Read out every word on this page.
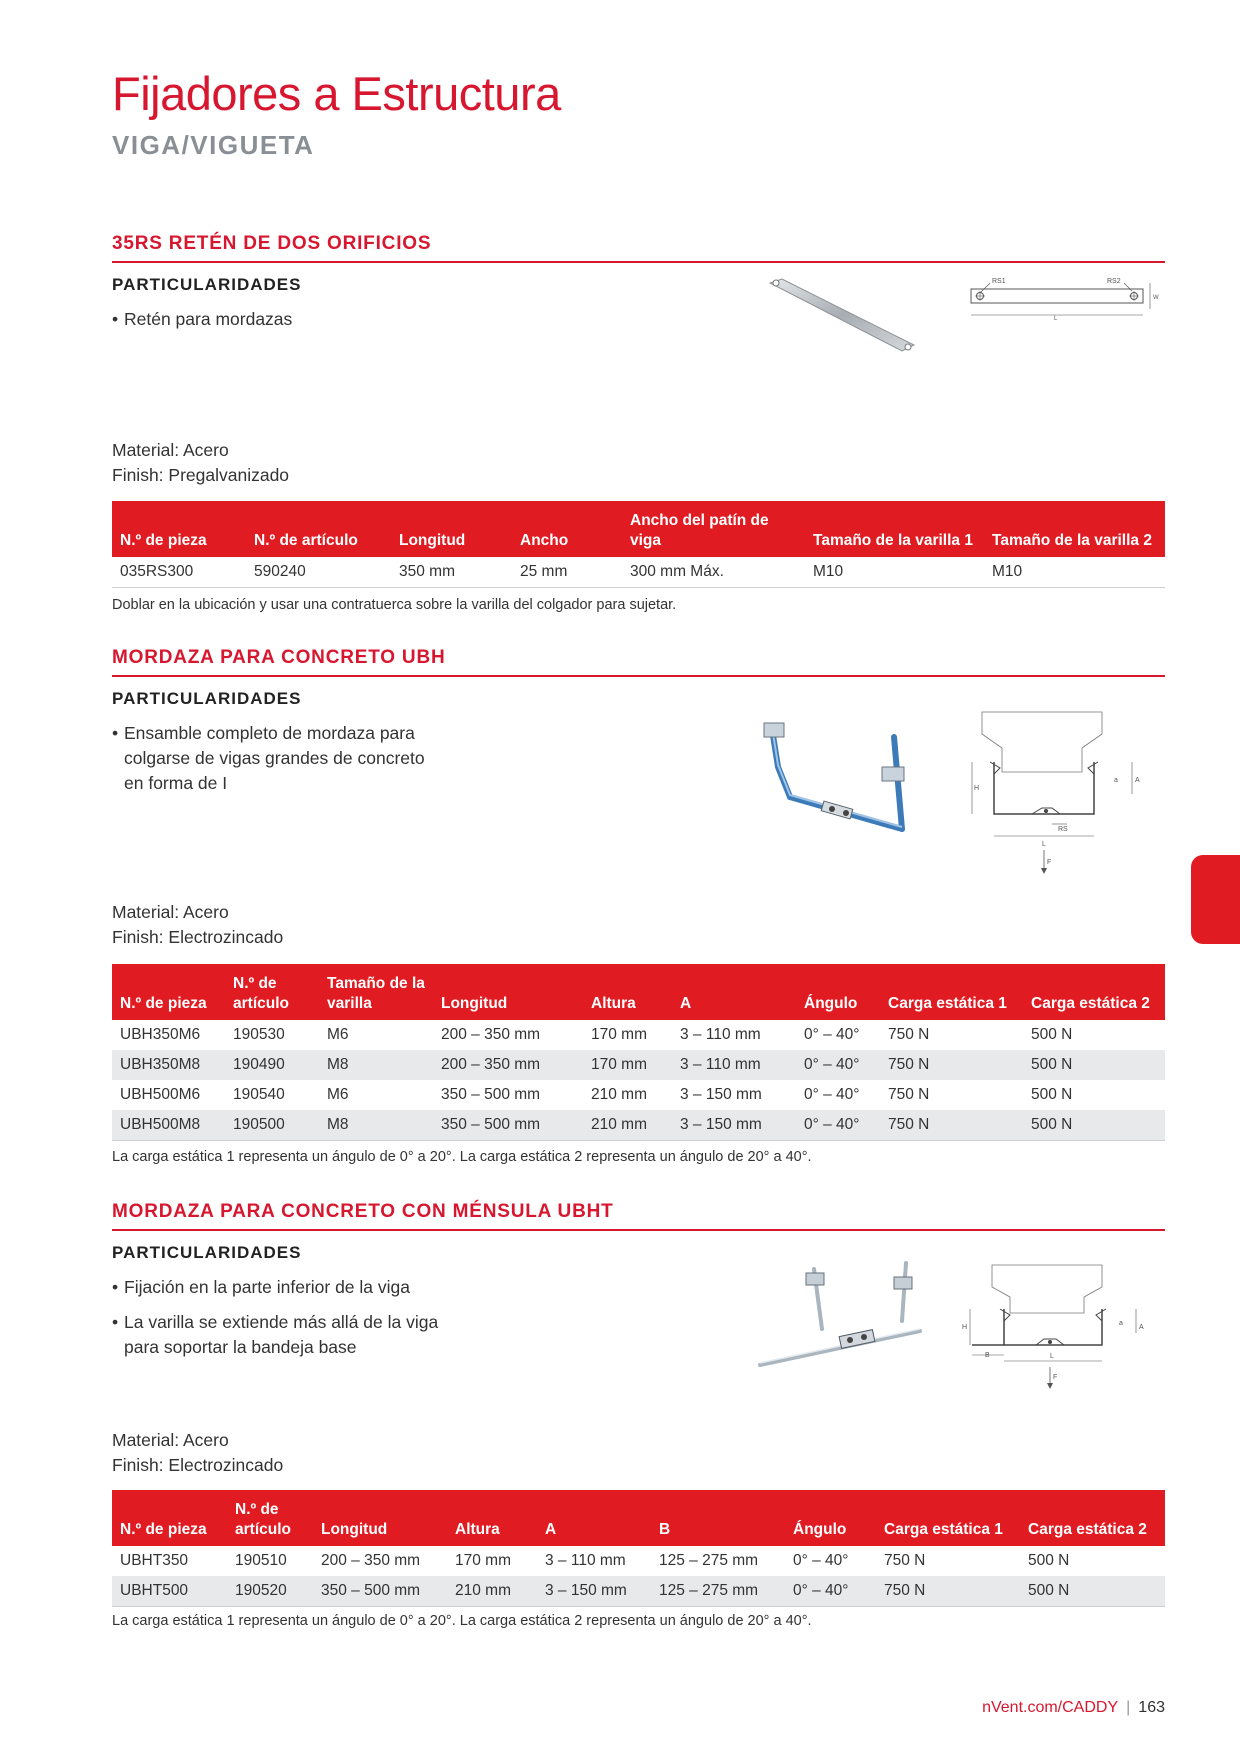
Fijadores a Estructura
VIGA/VIGUETA
35RS RETÉN DE DOS ORIFICIOS
PARTICULARIDADES
• Retén para mordazas
RS1	RS2
W
L
Material: Acero
Finish: Pregalvanizado
N.º de pieza	N.º de artículo	Longitud	Ancho	Ancho del patín de viga	Tamaño de la varilla 1	Tamaño de la varilla 2
035RS300	590240	350 mm	25 mm	300 mm Máx.	M10	M10
Doblar en la ubicación y usar una contratuerca sobre la varilla del colgador para sujetar.
MORDAZA PARA CONCRETO UBH
PARTICULARIDADES
• Ensamble completo de mordaza para colgarse de vigas grandes de concreto en forma de I	H
a A
RS
L
F
Material: Acero
Finish: Electrozincado
N.º de pieza	N.º de artículo	Tamaño de la varilla	Longitud	Altura	A	Ángulo	Carga estática 1	Carga estática 2
UBH350M6	190530	M6	200 – 350 mm	170 mm	3 – 110 mm	0° – 40°	750 N	500 N
UBH350M8	190490	M8	200 – 350 mm	170 mm	3 – 110 mm	0° – 40°	750 N	500 N
UBH500M6	190540	M6	350 – 500 mm	210 mm	3 – 150 mm	0° – 40°	750 N	500 N
UBH500M8	190500	M8	350 – 500 mm	210 mm	3 – 150 mm	0° – 40°	750 N	500 N
La carga estática 1 representa un ángulo de 0° a 20°. La carga estática 2 representa un ángulo de 20° a 40°.
MORDAZA PARA CONCRETO CON MÉNSULA UBHT
PARTICULARIDADES
• Fijación en la parte inferior de la viga
• La varilla se extiende más allá de la viga para soportar la bandeja base
H
a
A
B	L
F
Material: Acero
Finish: Electrozincado
N.º de pieza	N.º de artículo	Longitud	Altura	A	B	Ángulo	Carga estática 1	Carga estática 2
UBHT350	190510	200 – 350 mm	170 mm	3 – 110 mm	125 – 275 mm	0° – 40°	750 N	500 N
UBHT500	190520	350 – 500 mm	210 mm	3 – 150 mm	125 – 275 mm	0° – 40°	750 N	500 N
La carga estática 1 representa un ángulo de 0° a 20°. La carga estática 2 representa un ángulo de 20° a 40°.
nVent.com/CADDY | 163
